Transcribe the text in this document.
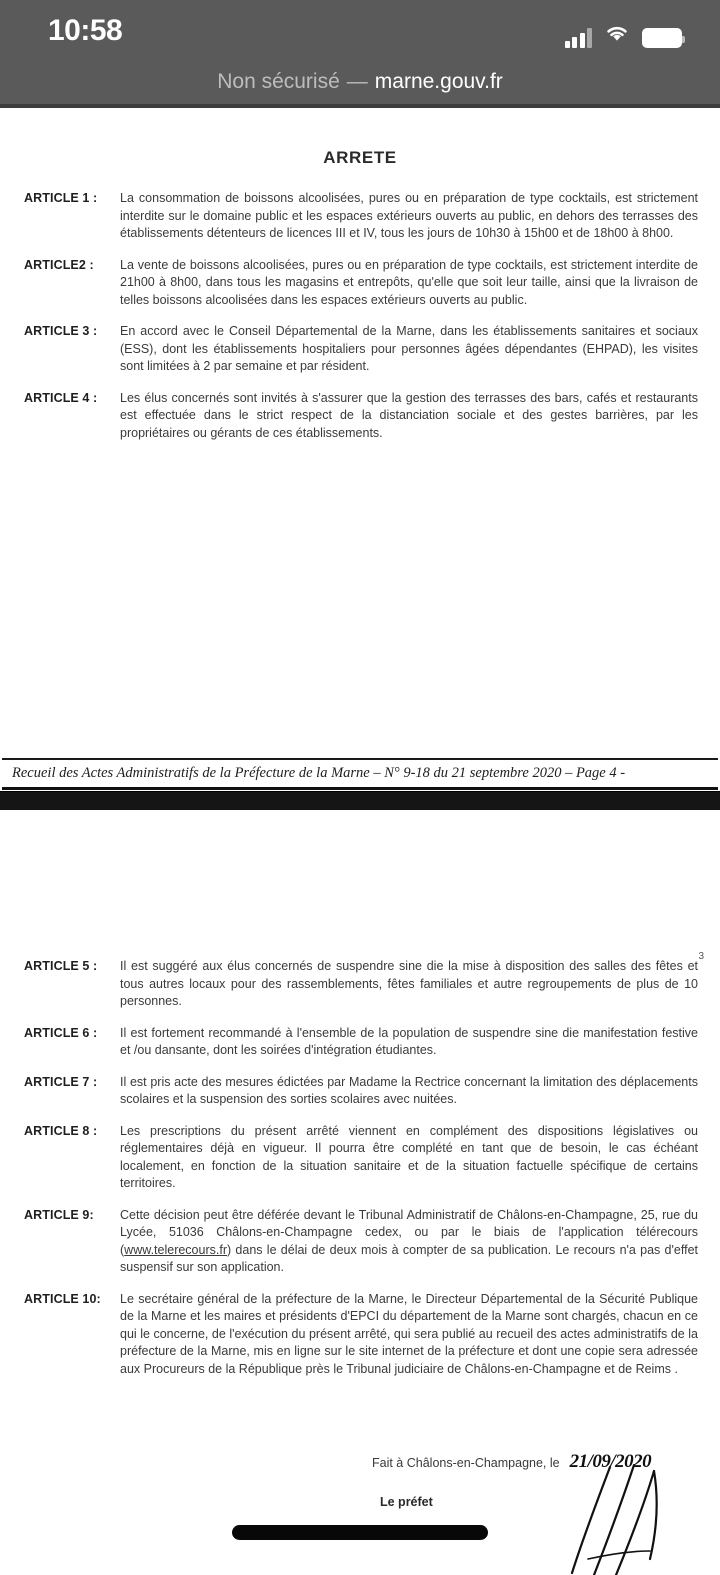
10:58
Non sécurisé — marne.gouv.fr
ARRETE
ARTICLE 1 :	La consommation de boissons alcoolisées, pures ou en préparation de type cocktails, est strictement interdite sur le domaine public et les espaces extérieurs ouverts au public, en dehors des terrasses des établissements détenteurs de licences III et IV, tous les jours de 10h30 à 15h00 et de 18h00 à 8h00.
ARTICLE2 :	La vente de boissons alcoolisées, pures ou en préparation de type cocktails, est strictement interdite de 21h00 à 8h00, dans tous les magasins et entrepôts, qu'elle que soit leur taille, ainsi que la livraison de telles boissons alcoolisées dans les espaces extérieurs ouverts au public.
ARTICLE 3 :	En accord avec le Conseil Départemental de la Marne, dans les établissements sanitaires et sociaux (ESS), dont les établissements hospitaliers pour personnes âgées dépendantes (EHPAD), les visites sont limitées à 2 par semaine et par résident.
ARTICLE 4 :	Les élus concernés sont invités à s'assurer que la gestion des terrasses des bars, cafés et restaurants est effectuée dans le strict respect de la distanciation sociale et des gestes barrières, par les propriétaires ou gérants de ces établissements.
Recueil des Actes Administratifs de la Préfecture de la Marne – N° 9-18 du 21 septembre 2020 – Page 4 -
ARTICLE 5 :	Il est suggéré aux élus concernés de suspendre sine die la mise à disposition des salles des fêtes et tous autres locaux pour des rassemblements, fêtes familiales et autre regroupements de plus de 10 personnes.
3
ARTICLE 6 :	Il est fortement recommandé à l'ensemble de la population de suspendre sine die manifestation festive et /ou dansante, dont les soirées d'intégration étudiantes.
ARTICLE 7 :	Il est pris acte des mesures édictées par Madame la Rectrice concernant la limitation des déplacements scolaires et la suspension des sorties scolaires avec nuitées.
ARTICLE 8 :	Les prescriptions du présent arrêté viennent en complément des dispositions législatives ou réglementaires déjà en vigueur. Il pourra être complété en tant que de besoin, le cas échéant localement, en fonction de la situation sanitaire et de la situation factuelle spécifique de certains territoires.
ARTICLE 9:	Cette décision peut être déférée devant le Tribunal Administratif de Châlons-en-Champagne, 25, rue du Lycée, 51036 Châlons-en-Champagne cedex, ou par le biais de l'application télérecours (www.telerecours.fr) dans le délai de deux mois à compter de sa publication. Le recours n'a pas d'effet suspensif sur son application.
ARTICLE 10:	Le secrétaire général de la préfecture de la Marne, le Directeur Départemental de la Sécurité Publique de la Marne et les maires et présidents d'EPCI du département de la Marne sont chargés, chacun en ce qui le concerne, de l'exécution du présent arrêté, qui sera publié au recueil des actes administratifs de la préfecture de la Marne, mis en ligne sur le site internet de la préfecture et dont une copie sera adressée aux Procureurs de la République près le Tribunal judiciaire de Châlons-en-Champagne et de Reims .
Fait à Châlons-en-Champagne, le 21/09/2020
Le préfet
